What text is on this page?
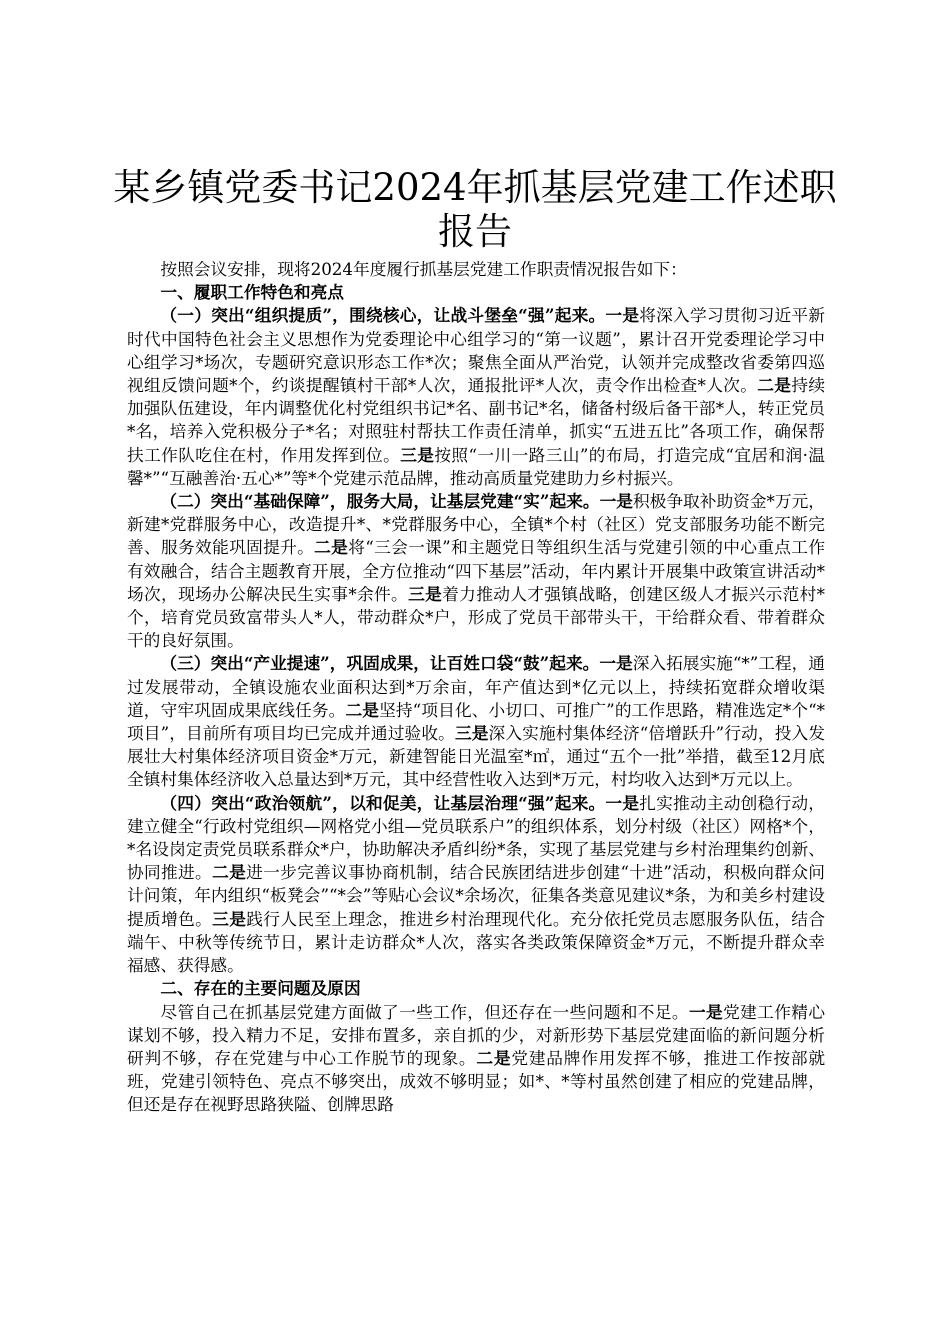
某乡镇党委书记2024年抓基层党建工作述职报告

按照会议安排，现将2024年度履行抓基层党建工作职责情况报告如下：

一、履职工作特色和亮点

（一）突出“组织提质”，围绕核心，让战斗堡垒“强”起来。一是将深入学习贯彻习近平新时代中国特色社会主义思想作为党委理论中心组学习的“第一议题”，累计召开党委理论学习中心组学习*场次，专题研究意识形态工作*次；聚焦全面从严治党，认领并完成整改省委第四巡视组反馈问题*个，约谈提醒镇村干部*人次，通报批评*人次，责令作出检查*人次。二是持续加强队伍建设，年内调整优化村党组织书记*名、副书记*名，储备村级后备干部*人，转正党员*名，培养入党积极分子*名；对照驻村帮扶工作责任清单，抓实“五进五比”各项工作，确保帮扶工作队吃住在村，作用发挥到位。三是按照“一川一路三山”的布局，打造完成“宜居和润·温馨*”“互融善治·五心*”等*个党建示范品牌，推动高质量党建助力乡村振兴。

（二）突出“基础保障”，服务大局，让基层党建“实”起来。一是积极争取补助资金*万元，新建*党群服务中心，改造提升*、*党群服务中心，全镇*个村（社区）党支部服务功能不断完善、服务效能巩固提升。二是将“三会一课”和主题党日等组织生活与党建引领的中心重点工作有效融合，结合主题教育开展，全方位推动“四下基层”活动，年内累计开展集中政策宣讲活动*场次，现场办公解决民生实事*余件。三是着力推动人才强镇战略，创建区级人才振兴示范村*个，培育党员致富带头人*人，带动群众*户，形成了党员干部带头干，干给群众看、带着群众干的良好氛围。

（三）突出“产业提速”，巩固成果，让百姓口袋“鼓”起来。一是深入拓展实施“*”工程，通过发展带动，全镇设施农业面积达到*万余亩，年产值达到*亿元以上，持续拓宽群众增收渠道，守牢巩固成果底线任务。二是坚持“项目化、小切口、可推广”的工作思路，精准选定*个“*项目”，目前所有项目均已完成并通过验收。三是深入实施村集体经济“倍增跃升”行动，投入发展壮大村集体经济项目资金*万元，新建智能日光温室*㎡，通过“五个一批”举措，截至12月底全镇村集体经济收入总量达到*万元，其中经营性收入达到*万元，村均收入达到*万元以上。

（四）突出“政治领航”，以和促美，让基层治理“强”起来。一是扎实推动主动创稳行动，建立健全“行政村党组织—网格党小组—党员联系户”的组织体系，划分村级（社区）网格*个，*名设岗定责党员联系群众*户，协助解决矛盾纠纷*条，实现了基层党建与乡村治理集约创新、协同推进。二是进一步完善议事协商机制，结合民族团结进步创建“十进”活动，积极向群众问计问策，年内组织“板凳会”“*会”等贴心会议*余场次，征集各类意见建议*条，为和美乡村建设提质增色。三是践行人民至上理念，推进乡村治理现代化。充分依托党员志愿服务队伍，结合端午、中秋等传统节日，累计走访群众*人次，落实各类政策保障资金*万元，不断提升群众幸福感、获得感。

二、存在的主要问题及原因

尽管自己在抓基层党建方面做了一些工作，但还存在一些问题和不足。一是党建工作精心谋划不够，投入精力不足，安排布置多，亲自抓的少，对新形势下基层党建面临的新问题分析研判不够，存在党建与中心工作脱节的现象。二是党建品牌作用发挥不够，推进工作按部就班，党建引领特色、亮点不够突出，成效不够明显；如*、*等村虽然创建了相应的党建品牌，但还是存在视野思路狭隘、创牌思路
